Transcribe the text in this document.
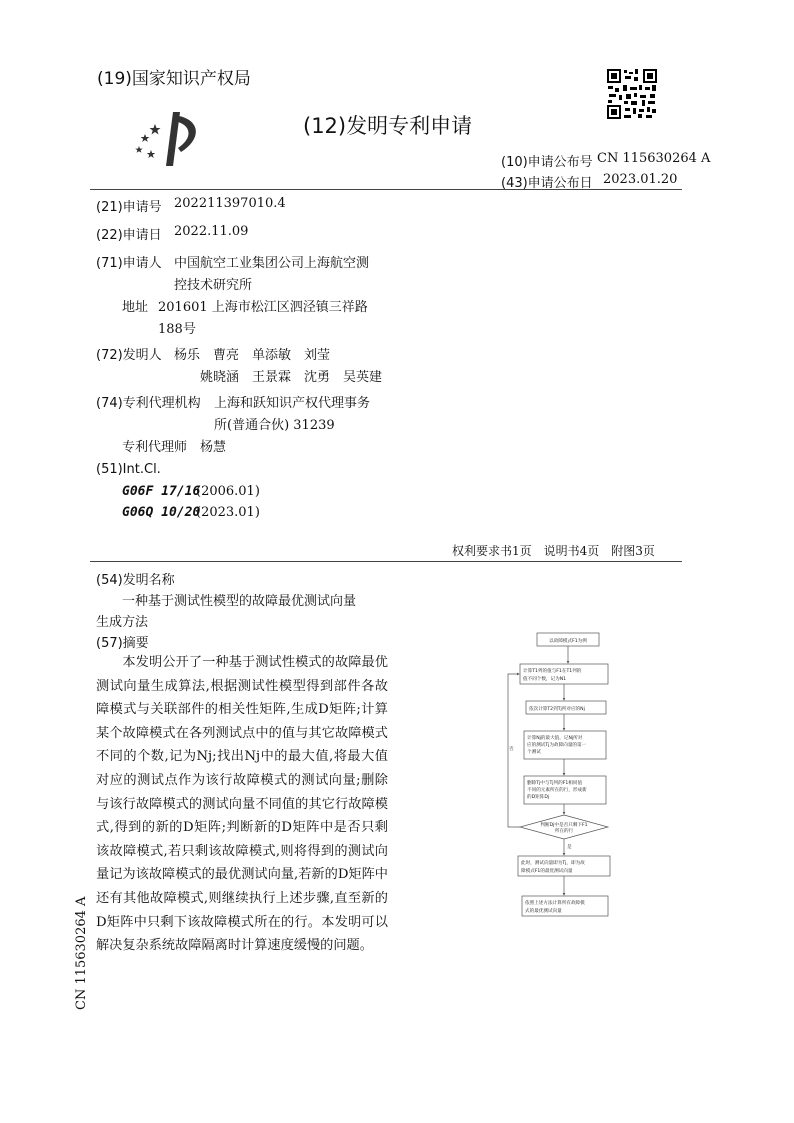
(19)国家知识产权局
(12)发明专利申请
(10)申请公布号 CN 115630264 A
(43)申请公布日 2023.01.20
(21)申请号 202211397010.4
(22)申请日 2022.11.09
(71)申请人 中国航空工业集团公司上海航空测
控技术研究所
地址 201601 上海市松江区泗泾镇三祥路
188号
(72)发明人 杨乐　曹亮　单添敏　刘莹
姚晓涵　王景霖　沈勇　吴英建
(74)专利代理机构 上海和跃知识产权代理事务
所(普通合伙) 31239
专利代理师 杨慧
(51)Int.Cl.
G06F 17/16
(2006.01)
G06Q 10/20
(2023.01)
权利要求书1页　说明书4页　附图3页
(54)发明名称
一种基于测试性模型的故障最优测试向量
生成方法
(57)摘要
本发明公开了一种基于测试性模式的故障最优测试向量生成算法,根据测试性模型得到部件各故障模式与关联部件的相关性矩阵,生成D矩阵;计算某个故障模式在各列测试点中的值与其它故障模式不同的个数,记为Nj;找出Nj中的最大值,将最大值对应的测试点作为该行故障模式的测试向量;删除与该行故障模式的测试向量不同值的其它行故障模式,得到的新的D矩阵;判断新的D矩阵中是否只剩该故障模式,若只剩该故障模式,则将得到的测试向量记为该故障模式的最优测试向量,若新的D矩阵中还有其他故障模式,则继续执行上述步骤,直至新的D矩阵中只剩下该故障模式所在的行。本发明可以解决复杂系统故障隔离时计算速度缓慢的问题。
CN 115630264 A
以故障模式F1为例
计算T1列的值与F1在T1列的
值不同个数，记为N1
依次计算T2到Tj所对应的Nj
计算Nj的最大值，记Nj所对
应的测试Tj为故障向量的第一
个测试
删除Tj中与Tj列的F1相同值
不同的元素所在的行，形成新
的D矩阵Dj
判断Dj中是否只剩下F1
所在的行
否
是
此时，测试向量即为Tj，即为故
障模式F1的最优测试向量
依照上述方法计算所有故障模
式的最优测试向量
